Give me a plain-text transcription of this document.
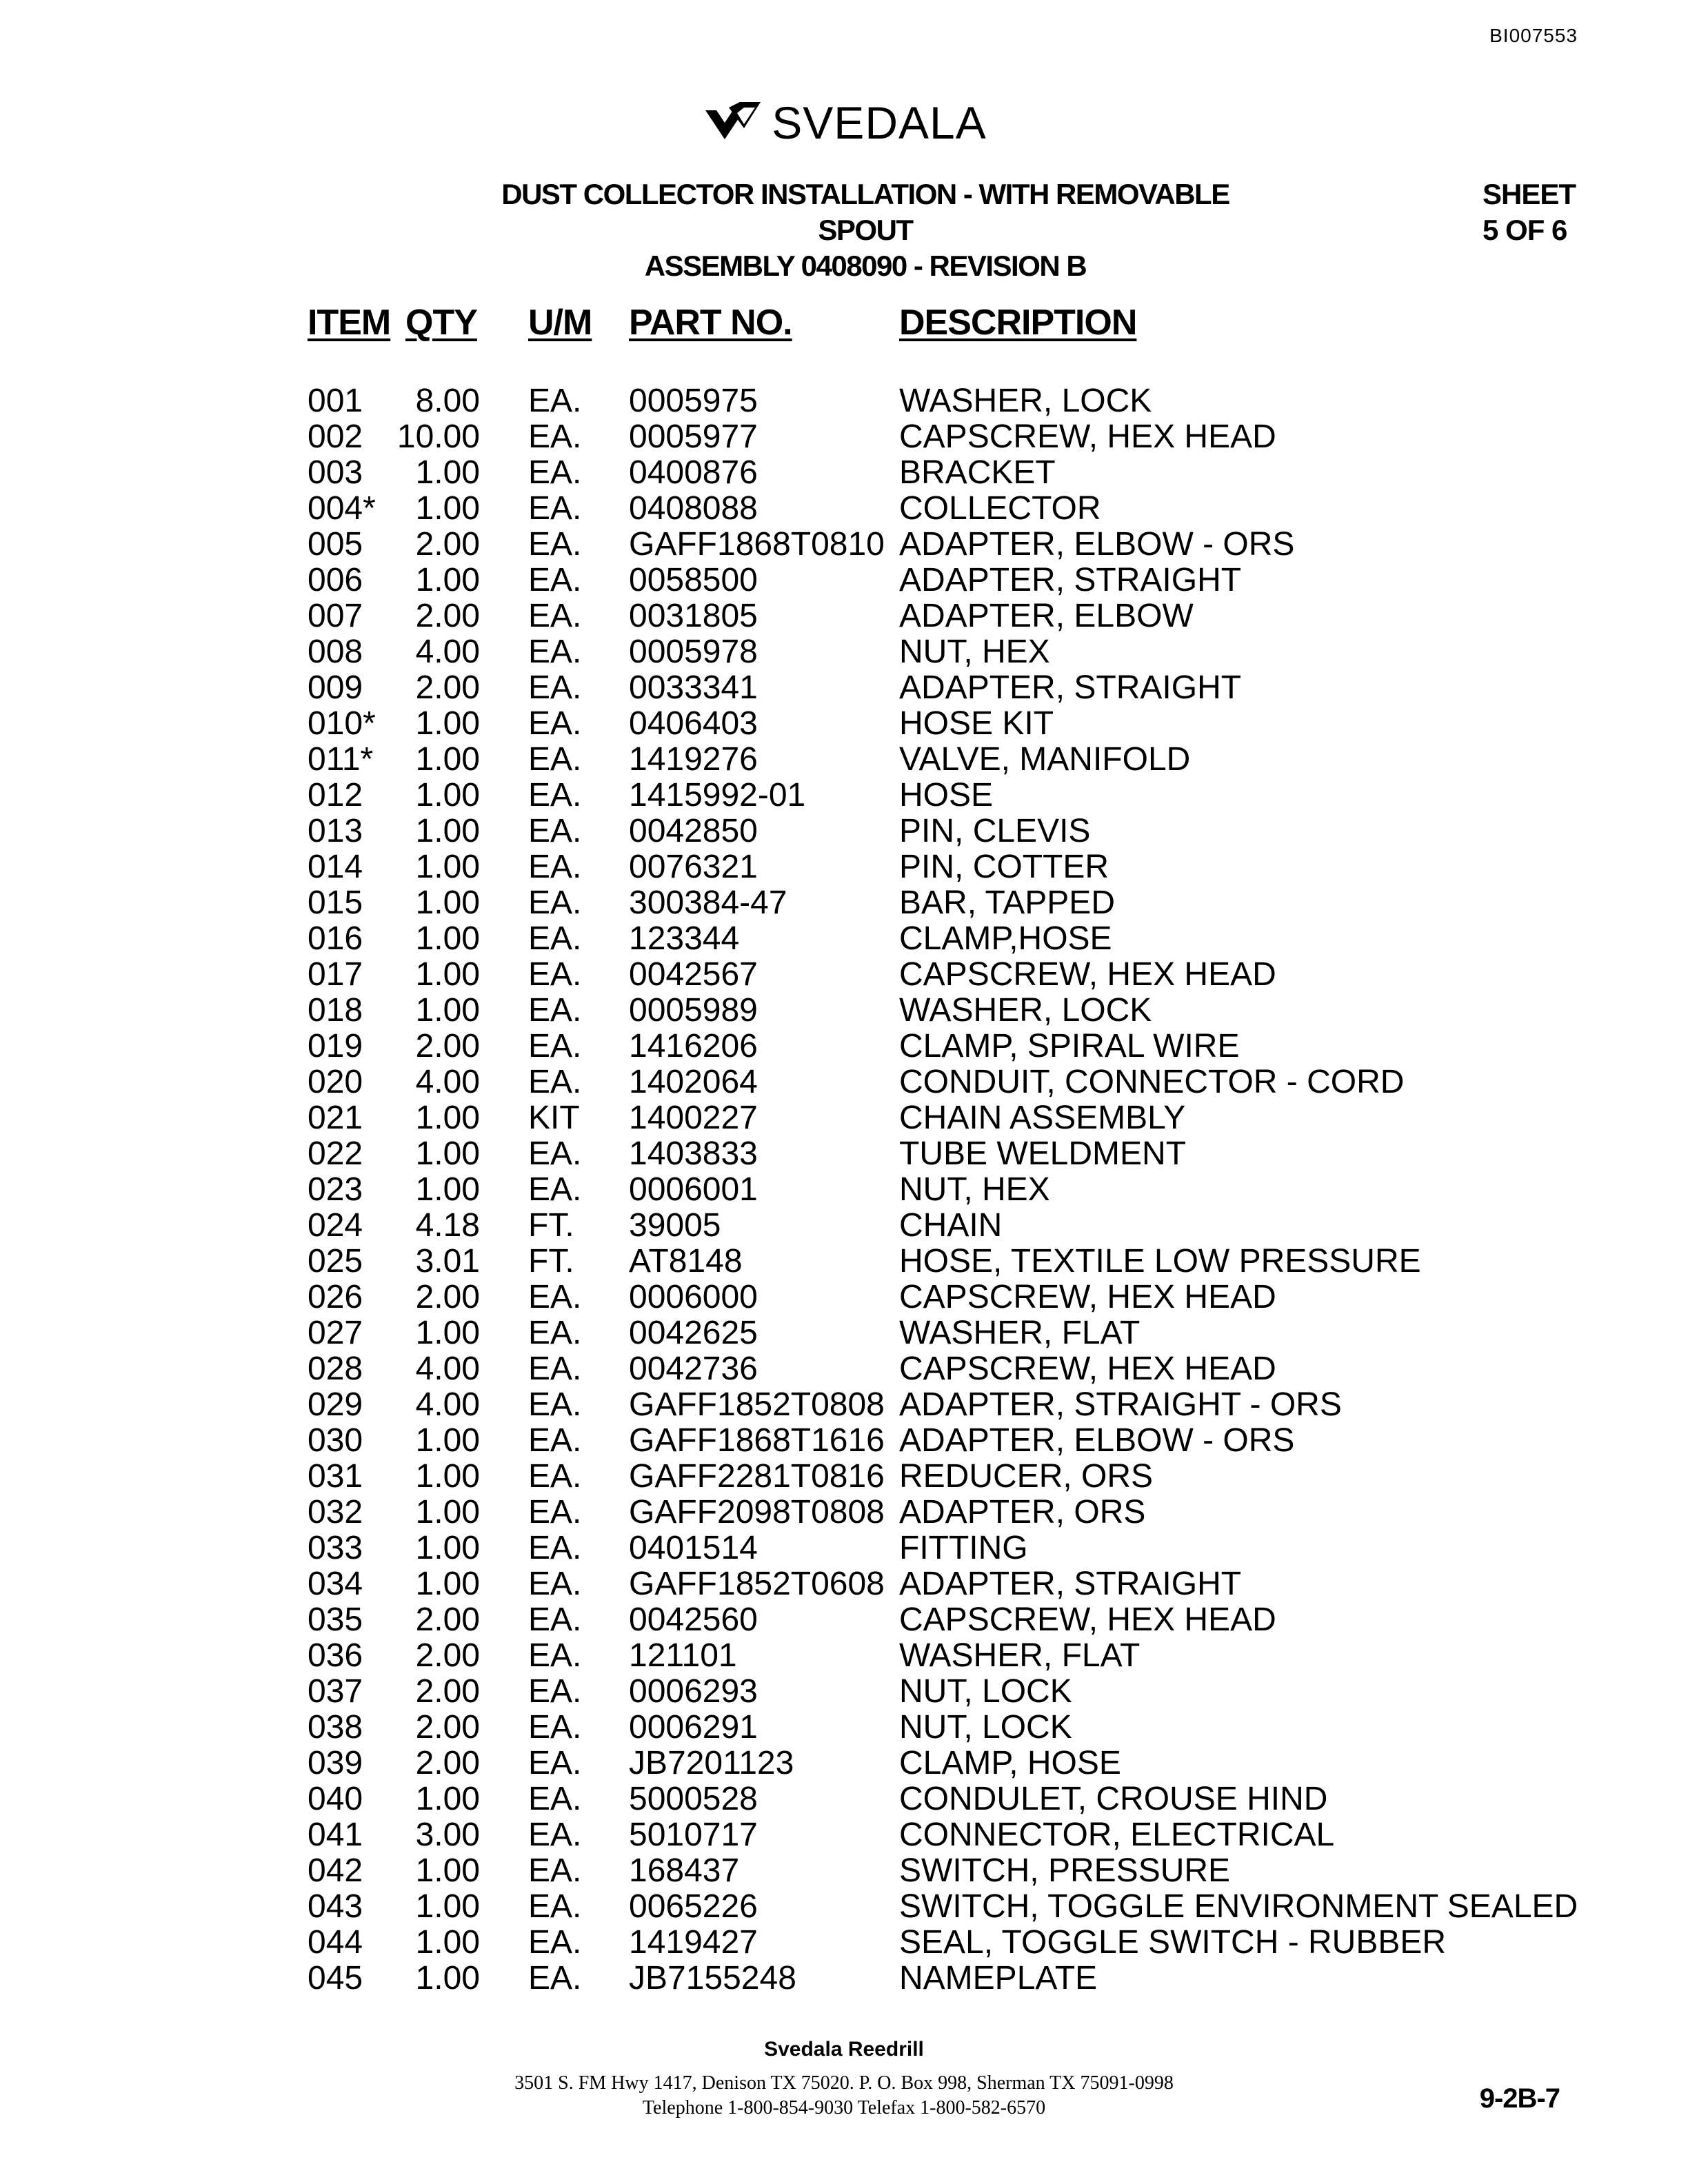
BI007553
SVEDALA
DUST COLLECTOR INSTALLATION - WITH REMOVABLE SPOUT
ASSEMBLY 0408090 - REVISION B
SHEET
5 OF 6
ITEM QTY U/M PART NO.	DESCRIPTION
001	8.00 EA. 0005975	WASHER, LOCK
002 10.00 EA. 0005977	CAPSCREW, HEX HEAD
003	1.00 EA. 0400876	BRACKET
004*	1.00 EA. 0408088	COLLECTOR
005	2.00 EA. GAFF1868T0810 ADAPTER, ELBOW - ORS
006	1.00 EA. 0058500	ADAPTER, STRAIGHT
007	2.00 EA. 0031805	ADAPTER, ELBOW
008	4.00 EA. 0005978	NUT, HEX
009	2.00 EA. 0033341	ADAPTER, STRAIGHT
010*	1.00 EA. 0406403	HOSE KIT
011*	1.00 EA. 1419276	VALVE, MANIFOLD
012	1.00 EA. 1415992-01	HOSE
013	1.00 EA. 0042850	PIN, CLEVIS
014	1.00 EA. 0076321	PIN, COTTER
015	1.00 EA. 300384-47	BAR, TAPPED
016	1.00 EA. 123344	CLAMP,HOSE
017	1.00 EA. 0042567	CAPSCREW, HEX HEAD
018	1.00 EA. 0005989	WASHER, LOCK
019	2.00 EA. 1416206	CLAMP, SPIRAL WIRE
020	4.00 EA. 1402064	CONDUIT, CONNECTOR - CORD
021	1.00 KIT 1400227	CHAIN ASSEMBLY
022	1.00 EA. 1403833	TUBE WELDMENT
023	1.00 EA. 0006001	NUT, HEX
024	4.18 FT. 39005	CHAIN
025	3.01 FT. AT8148	HOSE, TEXTILE LOW PRESSURE
026	2.00 EA. 0006000	CAPSCREW, HEX HEAD
027	1.00 EA. 0042625	WASHER, FLAT
028	4.00 EA. 0042736	CAPSCREW, HEX HEAD
029	4.00 EA. GAFF1852T0808 ADAPTER, STRAIGHT - ORS
030	1.00 EA. GAFF1868T1616 ADAPTER, ELBOW - ORS
031	1.00 EA. GAFF2281T0816 REDUCER, ORS
032	1.00 EA. GAFF2098T0808 ADAPTER, ORS
033	1.00 EA. 0401514	FITTING
034	1.00 EA. GAFF1852T0608 ADAPTER, STRAIGHT
035	2.00 EA. 0042560	CAPSCREW, HEX HEAD
036	2.00 EA. 121101	WASHER, FLAT
037	2.00 EA. 0006293	NUT, LOCK
038	2.00 EA. 0006291	NUT, LOCK
039	2.00 EA. JB7201123	CLAMP, HOSE
040	1.00 EA. 5000528	CONDULET, CROUSE HIND
041	3.00 EA. 5010717	CONNECTOR, ELECTRICAL
042	1.00 EA. 168437	SWITCH, PRESSURE
043	1.00 EA. 0065226	SWITCH, TOGGLE ENVIRONMENT SEALED
044	1.00 EA. 1419427	SEAL, TOGGLE SWITCH - RUBBER
045	1.00 EA. JB7155248	NAMEPLATE
Svedala Reedrill
3501 S. FM Hwy 1417, Denison TX 75020. P. O. Box 998, Sherman TX 75091-0998
Telephone 1-800-854-9030 Telefax 1-800-582-6570	9-2B-7
